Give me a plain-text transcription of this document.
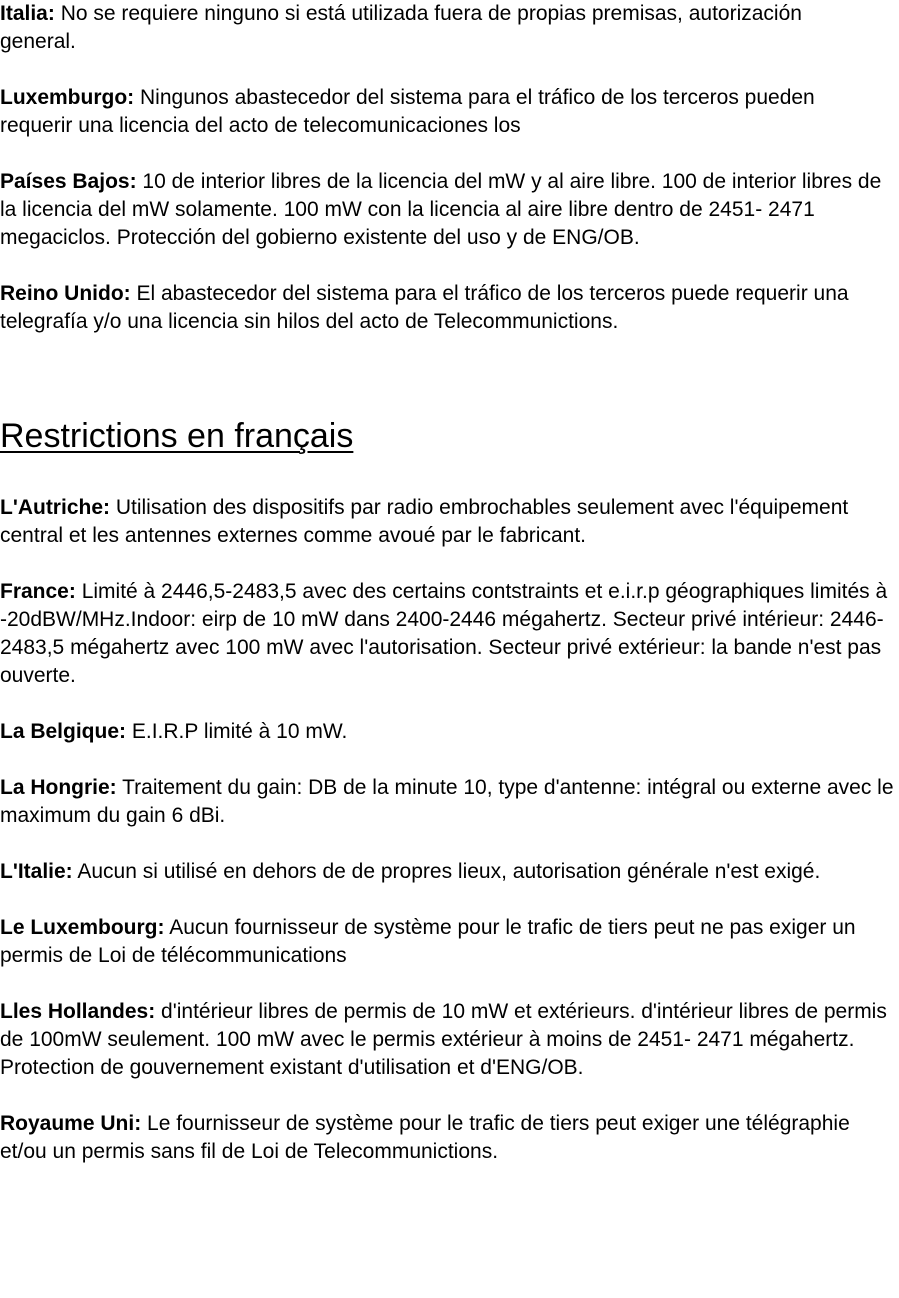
Italia: No se requiere ninguno si está utilizada fuera de propias premisas, autorización general.

Luxemburgo: Ningunos abastecedor del sistema para el tráfico de los terceros pueden requerir una licencia del acto de telecomunicaciones los

Países Bajos: 10 de interior libres de la licencia del mW y al aire libre. 100 de interior libres de la licencia del mW solamente. 100 mW con la licencia al aire libre dentro de 2451- 2471 megaciclos. Protección del gobierno existente del uso y de ENG/OB.

Reino Unido: El abastecedor del sistema para el tráfico de los terceros puede requerir una telegrafía y/o una licencia sin hilos del acto de Telecommunictions.

Restrictions en français

L'Autriche: Utilisation des dispositifs par radio embrochables seulement avec l'équipement central et les antennes externes comme avoué par le fabricant.

France: Limité à 2446,5-2483,5 avec des certains contstraints et e.i.r.p géographiques limités à -20dBW/MHz.Indoor: eirp de 10 mW dans 2400-2446 mégahertz. Secteur privé intérieur: 2446-2483,5 mégahertz avec 100 mW avec l'autorisation. Secteur privé extérieur: la bande n'est pas ouverte.

La Belgique: E.I.R.P limité à 10 mW.

La Hongrie: Traitement du gain: DB de la minute 10, type d'antenne: intégral ou externe avec le maximum du gain 6 dBi.

L'Italie: Aucun si utilisé en dehors de de propres lieux, autorisation générale n'est exigé.

Le Luxembourg: Aucun fournisseur de système pour le trafic de tiers peut ne pas exiger un permis de Loi de télécommunications

Lles Hollandes: d'intérieur libres de permis de 10 mW et extérieurs. d'intérieur libres de permis de 100mW seulement. 100 mW avec le permis extérieur à moins de 2451- 2471 mégahertz. Protection de gouvernement existant d'utilisation et d'ENG/OB.

Royaume Uni: Le fournisseur de système pour le trafic de tiers peut exiger une télégraphie et/ou un permis sans fil de Loi de Telecommunictions.
